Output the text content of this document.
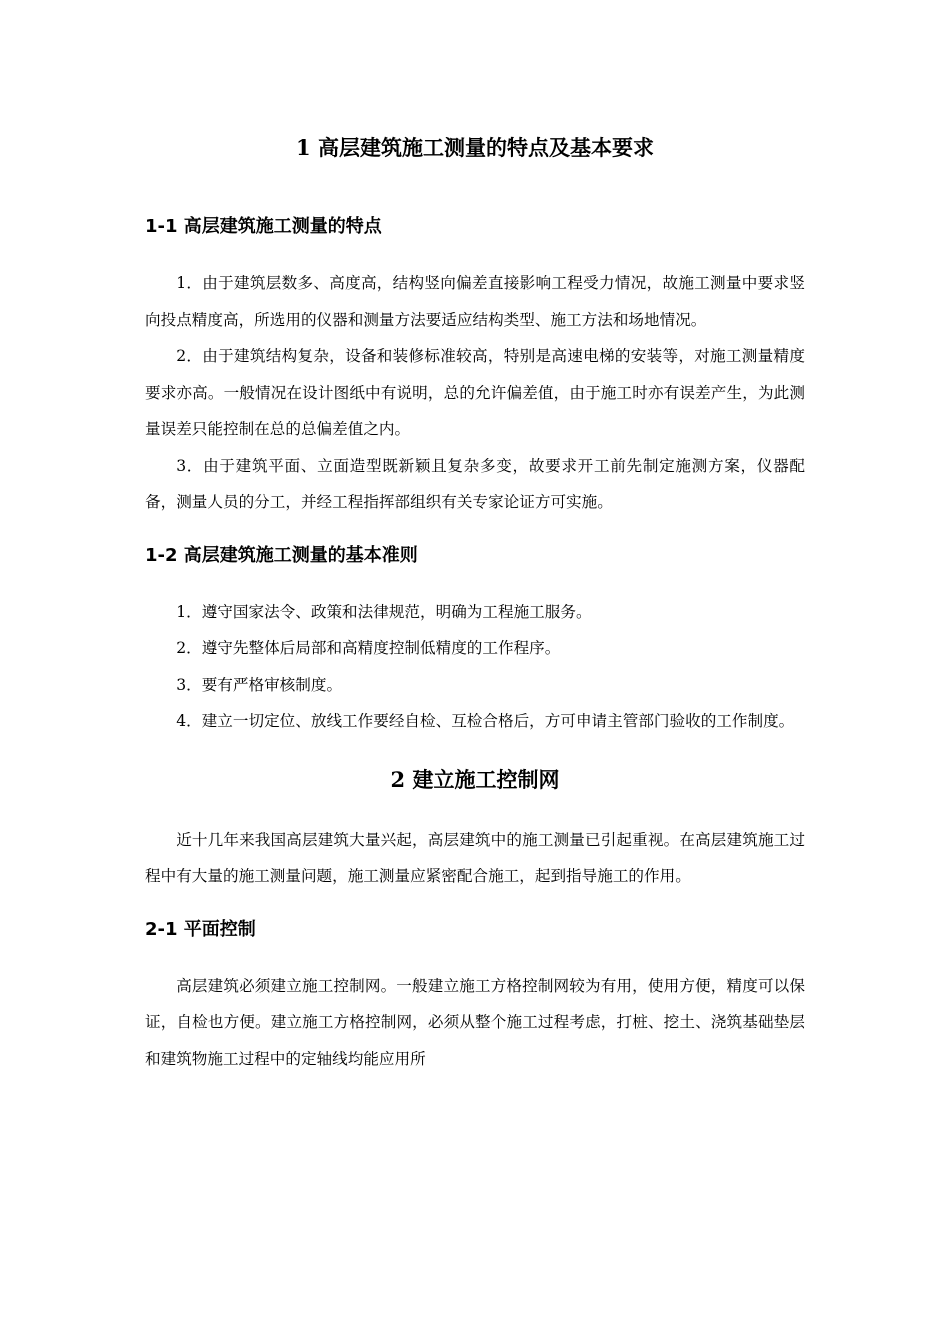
1 高层建筑施工测量的特点及基本要求
1-1 高层建筑施工测量的特点

1．由于建筑层数多、高度高，结构竖向偏差直接影响工程受力情况，故施工测量中要求竖向投点精度高，所选用的仪器和测量方法要适应结构类型、施工方法和场地情况。

2．由于建筑结构复杂，设备和装修标准较高，特别是高速电梯的安装等，对施工测量精度要求亦高。一般情况在设计图纸中有说明，总的允许偏差值，由于施工时亦有误差产生，为此测量误差只能控制在总的总偏差值之内。

3．由于建筑平面、立面造型既新颖且复杂多变，故要求开工前先制定施测方案，仪器配备，测量人员的分工，并经工程指挥部组织有关专家论证方可实施。

1-2 高层建筑施工测量的基本准则

1．遵守国家法令、政策和法律规范，明确为工程施工服务。

2．遵守先整体后局部和高精度控制低精度的工作程序。

3．要有严格审核制度。

4．建立一切定位、放线工作要经自检、互检合格后，方可申请主管部门验收的工作制度。

2 建立施工控制网

近十几年来我国高层建筑大量兴起，高层建筑中的施工测量已引起重视。在高层建筑施工过程中有大量的施工测量问题，施工测量应紧密配合施工，起到指导施工的作用。

2-1 平面控制

高层建筑必须建立施工控制网。一般建立施工方格控制网较为有用，使用方便，精度可以保证，自检也方便。建立施工方格控制网，必须从整个施工过程考虑，打桩、挖土、浇筑基础垫层和建筑物施工过程中的定轴线均能应用所
